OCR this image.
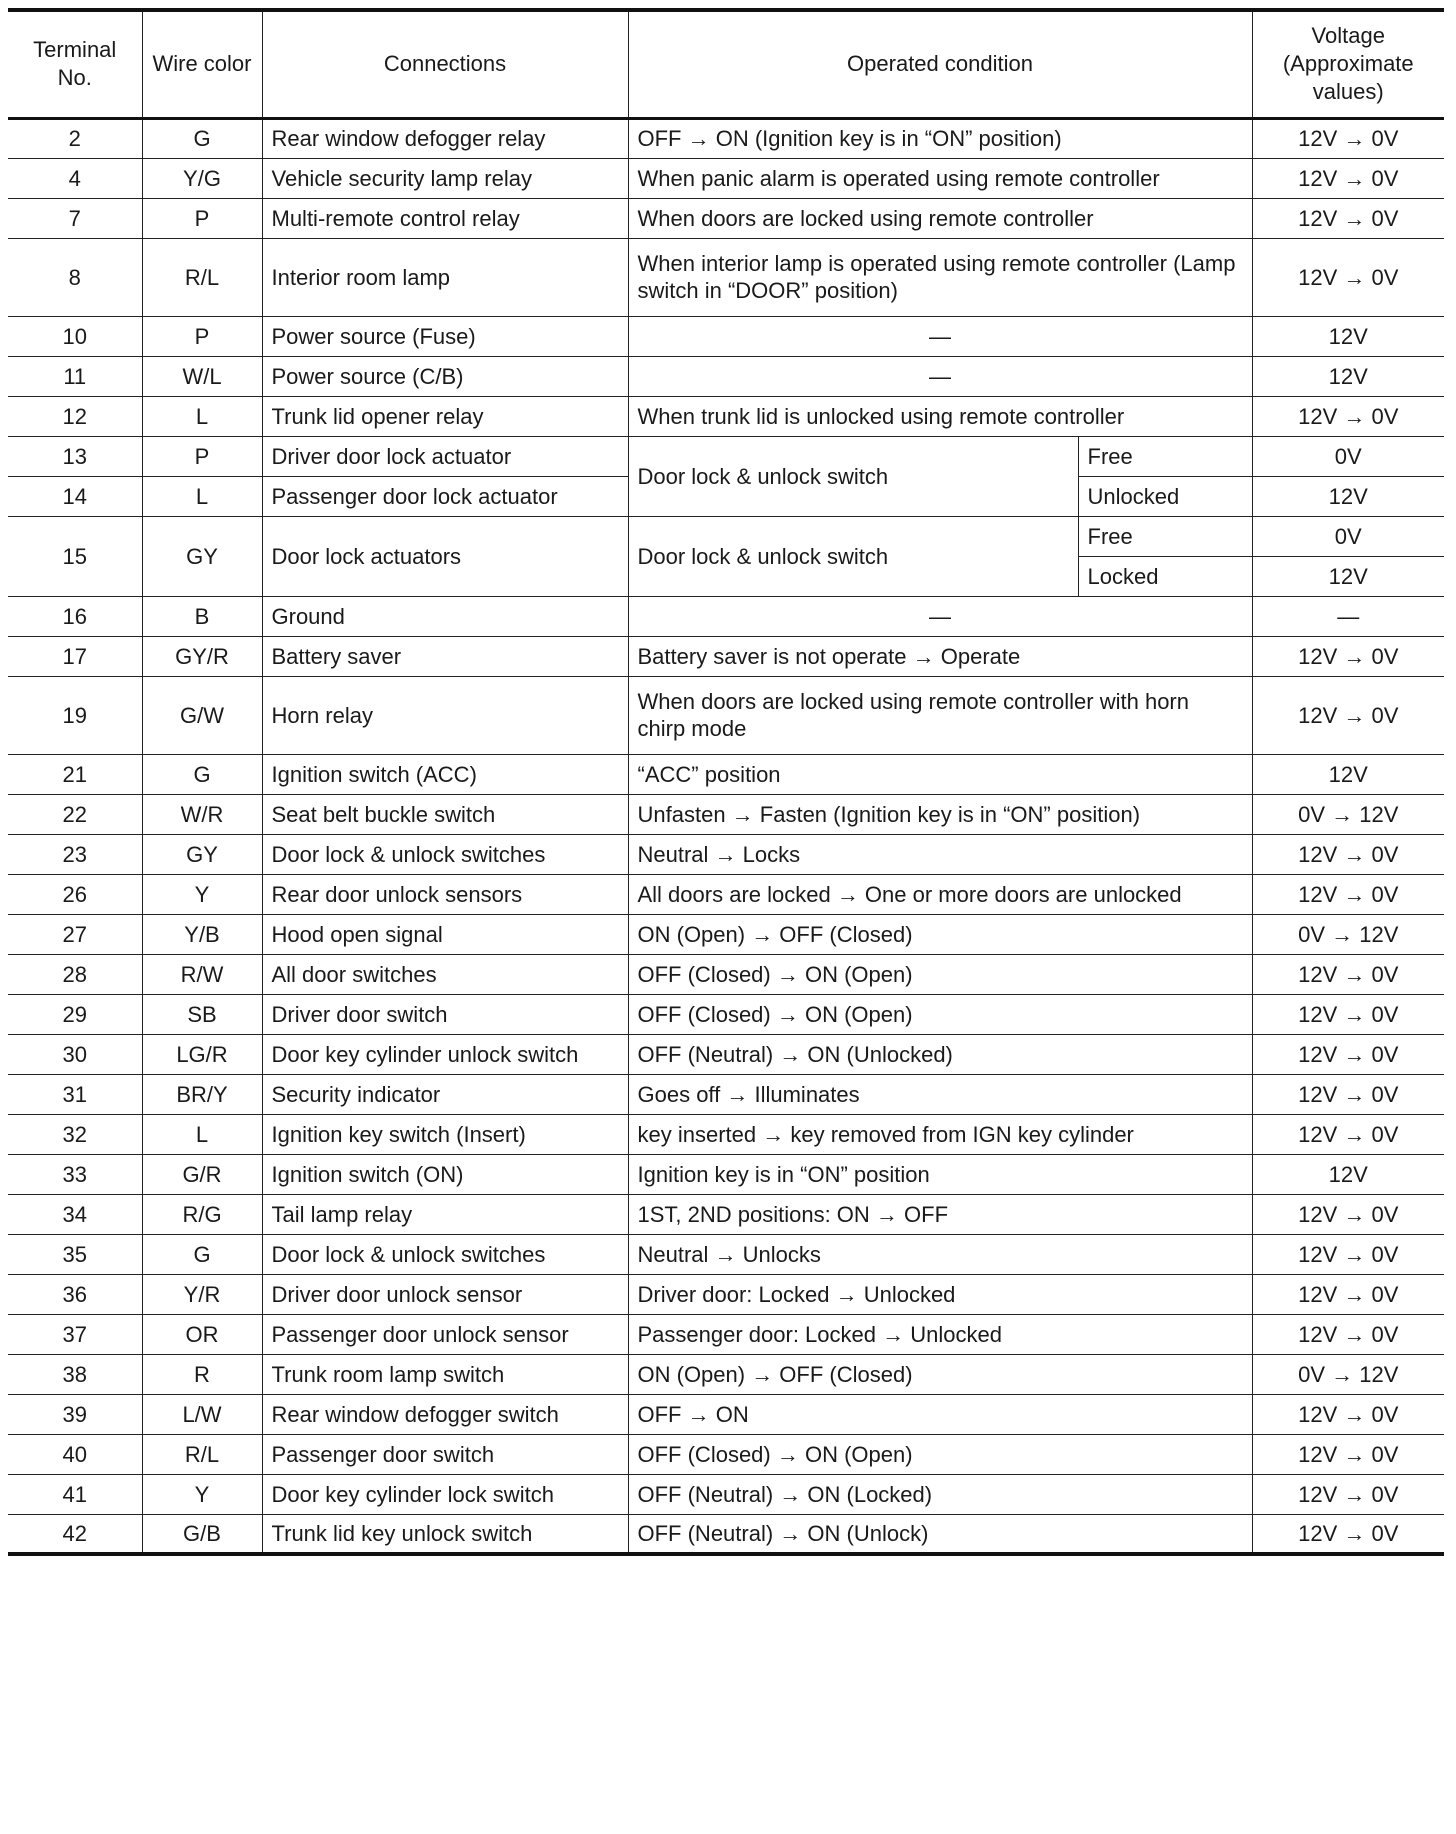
Terminal No.	Wire color	Connections	Operated condition		Voltage (Approximate values)
2	G	Rear window defogger relay	OFF → ON (Ignition key is in “ON” position)		12V → 0V
4	Y/G	Vehicle security lamp relay	When panic alarm is operated using remote controller		12V → 0V
7	P	Multi-remote control relay	When doors are locked using remote controller		12V → 0V
8	R/L	Interior room lamp	When interior lamp is operated using remote controller (Lamp switch in “DOOR” position)		12V → 0V
10	P	Power source (Fuse)	—		12V
11	W/L	Power source (C/B)	—		12V
12	L	Trunk lid opener relay	When trunk lid is unlocked using remote controller		12V → 0V
13	P	Driver door lock actuator	Door lock & unlock switch	Free	0V
14	L	Passenger door lock actuator		Unlocked	12V
15	GY	Door lock actuators	Door lock & unlock switch	Free	0V
				Locked	12V
16	B	Ground	—		—
17	GY/R	Battery saver	Battery saver is not operate → Operate		12V → 0V
19	G/W	Horn relay	When doors are locked using remote controller with horn chirp mode		12V → 0V
21	G	Ignition switch (ACC)	“ACC” position		12V
22	W/R	Seat belt buckle switch	Unfasten → Fasten (Ignition key is in “ON” position)		0V → 12V
23	GY	Door lock & unlock switches	Neutral → Locks		12V → 0V
26	Y	Rear door unlock sensors	All doors are locked → One or more doors are unlocked		12V → 0V
27	Y/B	Hood open signal	ON (Open) → OFF (Closed)		0V → 12V
28	R/W	All door switches	OFF (Closed) → ON (Open)		12V → 0V
29	SB	Driver door switch	OFF (Closed) → ON (Open)		12V → 0V
30	LG/R	Door key cylinder unlock switch	OFF (Neutral) → ON (Unlocked)		12V → 0V
31	BR/Y	Security indicator	Goes off → Illuminates		12V → 0V
32	L	Ignition key switch (Insert)	key inserted → key removed from IGN key cylinder		12V → 0V
33	G/R	Ignition switch (ON)	Ignition key is in “ON” position		12V
34	R/G	Tail lamp relay	1ST, 2ND positions: ON → OFF		12V → 0V
35	G	Door lock & unlock switches	Neutral → Unlocks		12V → 0V
36	Y/R	Driver door unlock sensor	Driver door: Locked → Unlocked		12V → 0V
37	OR	Passenger door unlock sensor	Passenger door: Locked → Unlocked		12V → 0V
38	R	Trunk room lamp switch	ON (Open) → OFF (Closed)		0V → 12V
39	L/W	Rear window defogger switch	OFF → ON		12V → 0V
40	R/L	Passenger door switch	OFF (Closed) → ON (Open)		12V → 0V
41	Y	Door key cylinder lock switch	OFF (Neutral) → ON (Locked)		12V → 0V
42	G/B	Trunk lid key unlock switch	OFF (Neutral) → ON (Unlock)		12V → 0V
